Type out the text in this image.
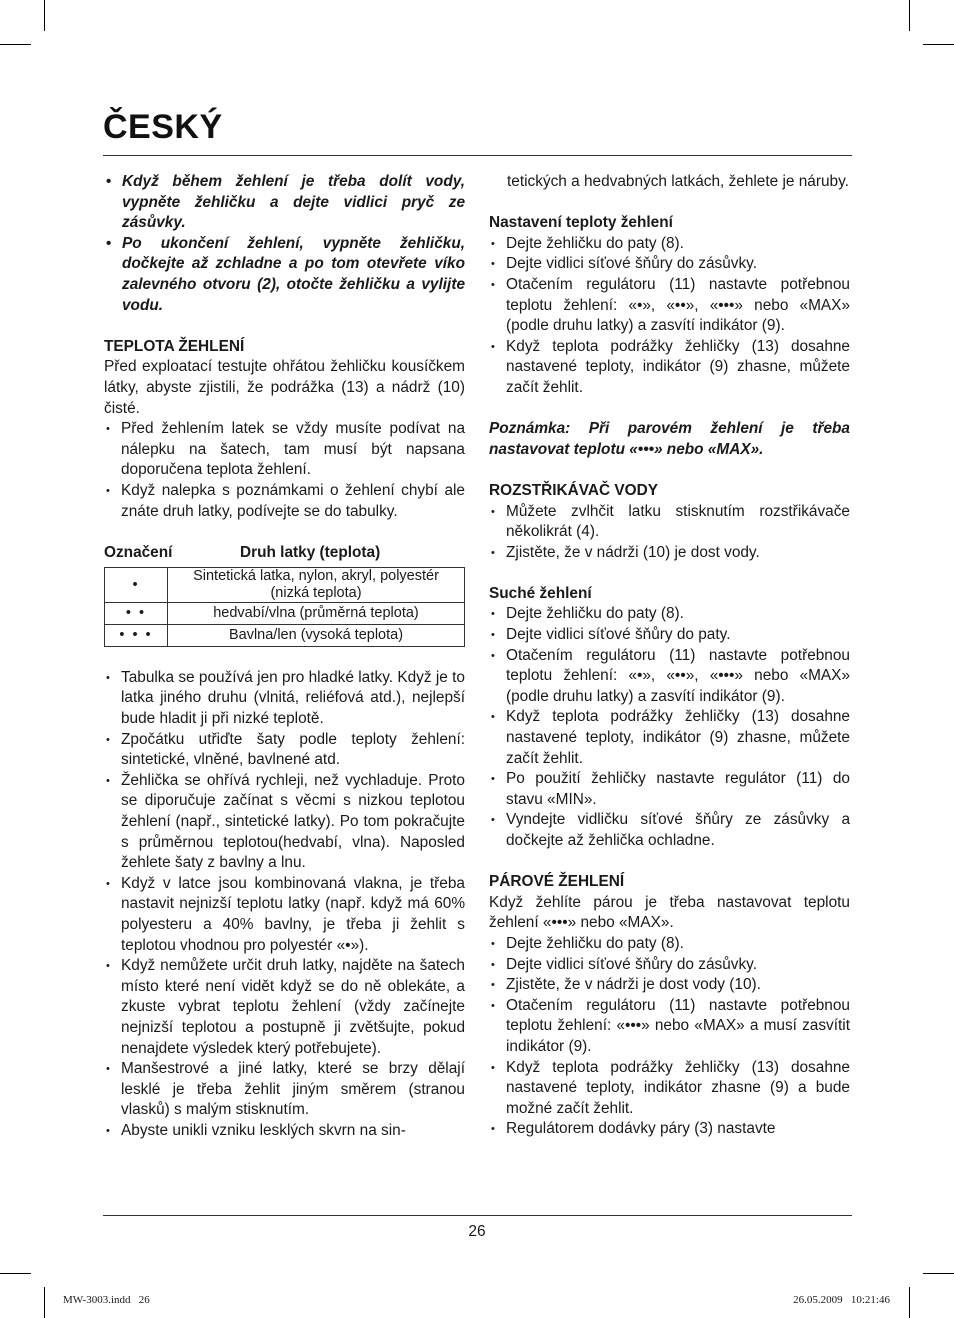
ČESKÝ
• Když během žehlení je třeba dolít vody, vypněte žehličku a dejte vidlici pryč ze zásůvky.
• Po ukončení žehlení, vypněte žehličku, dočkejte až zchladne a po tom otevřete víko zalevného otvoru (2), otočte žehličku a vylijte vodu.

TEPLOTA ŽEHLENÍ

Před exploatací testujte ohřátou žehličku kousíčkem látky, abyste zjistili, že podrážka (13) a nádrž (10) čisté.

• Před žehlením latek se vždy musíte podívat na nálepku na šatech, tam musí být napsana doporučena teplota žehlení.
• Když nalepka s poznámkami o žehlení chybí ale znáte druh latky, podívejte se do tabulky.
Označení	Druh latky (teplota)
•	Sintetická latka, nylon, akryl, polyestér (nizká teplota)
• •	hedvabí/vlna (průměrná teplota)
• • •	Bavlna/len (vysoká teplota)
• Tabulka se používá jen pro hladké latky. Když je to latka jiného druhu (vlnitá, reliéfová atd.), nejlepší bude hladit ji při nizké teplotě.
• Zpočátku utřiďte šaty podle teploty žehlení: sintetické, vlněné, bavlnené atd.
• Žehlička se ohřívá rychleji, než vychladuje. Proto se diporučuje začínat s věcmi s nizkou teplotou žehlení (např., sintetické latky). Po tom pokračujte s průměrnou teplotou(hedvabí, vlna). Naposled žehlete šaty z bavlny a lnu.
• Když v latce jsou kombinovaná vlakna, je třeba nastavit nejnizší teplotu latky (např. když má 60% polyesteru a 40% bavlny, je třeba ji žehlit s teplotou vhodnou pro polyestér «•»).
• Když nemůžete určit druh latky, najděte na šatech místo které není vidět když se do ně oblekáte, a zkuste vybrat teplotu žehlení (vždy začínejte nejnizší teplotou a postupně ji zvětšujte, pokud nenajdete výsledek který potřebujete).
• Manšestrové a jiné latky, které se brzy dělají lesklé je třeba žehlit jiným směrem (stranou vlasků) s malým stisknutím.
• Abyste unikli vzniku lesklých skvrn na sin-

tetických a hedvabných latkách, žehlete je náruby.

Nastavení teploty žehlení

• Dejte žehličku do paty (8).
• Dejte vidlici síťové šňůry do zásůvky.
• Otačením regulátoru (11) nastavte potřebnou teplotu žehlení: «•», «••», «•••» nebo «MAX» (podle druhu latky) a zasvítí indikátor (9).
• Když teplota podrážky žehličky (13) dosahne nastavené teploty, indikátor (9) zhasne, můžete začít žehlit.

Poznámka: Při parovém žehlení je třeba nastavovat teplotu «•••» nebo «MAX».

ROZSTŘIKÁVAČ VODY

• Můžete zvlhčit latku stisknutím rozstřikávače několikrát (4).
• Zjistěte, že v nádrži (10) je dost vody.

Suché žehlení

• Dejte žehličku do paty (8).
• Dejte vidlici síťové šňůry do paty.
• Otačením regulátoru (11) nastavte potřebnou teplotu žehlení: «•», «••», «•••» nebo «MAX» (podle druhu latky) a zasvítí indikátor (9).
• Když teplota podrážky žehličky (13) dosahne nastavené teploty, indikátor (9) zhasne, můžete začít žehlit.
• Po použití žehličky nastavte regulátor (11) do stavu «MIN».
• Vyndejte vidličku síťové šňůry ze zásůvky a dočkejte až žehlička ochladne.

PÁROVÉ ŽEHLENÍ

Když žehlíte párou je třeba nastavovat teplotu žehlení «•••» nebo «MAX».

• Dejte žehličku do paty (8).
• Dejte vidlici síťové šňůry do zásůvky.
• Zjistěte, že v nádrži je dost vody (10).
• Otačením regulátoru (11) nastavte potřebnou teplotu žehlení: «•••» nebo «MAX» a musí zasvítit indikátor (9).
• Když teplota podrážky žehličky (13) dosahne nastavené teploty, indikátor zhasne (9) a bude možné začít žehlit.
• Regulátorem dodávky páry (3) nastavte
26
MW-3003.indd   26	26.05.2009   10:21:46
